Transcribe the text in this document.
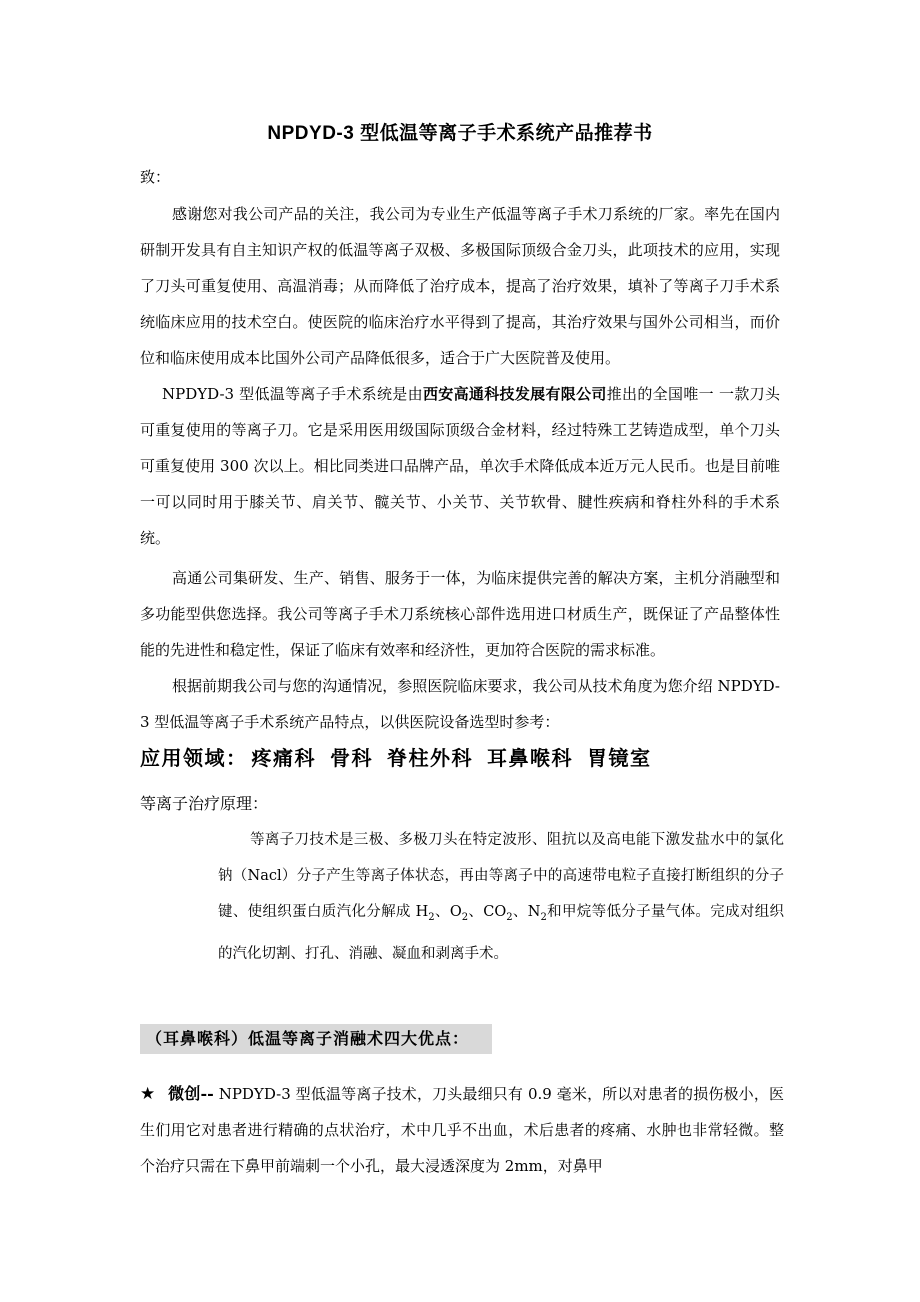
NPDYD-3 型低温等离子手术系统产品推荐书
致：
感谢您对我公司产品的关注，我公司为专业生产低温等离子手术刀系统的厂家。率先在国内研制开发具有自主知识产权的低温等离子双极、多极国际顶级合金刀头，此项技术的应用，实现了刀头可重复使用、高温消毒；从而降低了治疗成本，提高了治疗效果，填补了等离子刀手术系统临床应用的技术空白。使医院的临床治疗水平得到了提高，其治疗效果与国外公司相当，而价位和临床使用成本比国外公司产品降低很多，适合于广大医院普及使用。
NPDYD-3 型低温等离子手术系统是由西安高通科技发展有限公司推出的全国唯一 一款刀头可重复使用的等离子刀。它是采用医用级国际顶级合金材料，经过特殊工艺铸造成型，单个刀头可重复使用 300 次以上。相比同类进口品牌产品，单次手术降低成本近万元人民币。也是目前唯一可以同时用于膝关节、肩关节、髋关节、小关节、关节软骨、腱性疾病和脊柱外科的手术系统。
高通公司集研发、生产、销售、服务于一体，为临床提供完善的解决方案，主机分消融型和多功能型供您选择。我公司等离子手术刀系统核心部件选用进口材质生产，既保证了产品整体性能的先进性和稳定性，保证了临床有效率和经济性，更加符合医院的需求标准。
根据前期我公司与您的沟通情况，参照医院临床要求，我公司从技术角度为您介绍 NPDYD-3 型低温等离子手术系统产品特点，以供医院设备选型时参考：
应用领域： 疼痛科 骨科 脊柱外科 耳鼻喉科 胃镜室
等离子治疗原理：
等离子刀技术是三极、多极刀头在特定波形、阻抗以及高电能下激发盐水中的氯化钠（Nacl）分子产生等离子体状态，再由等离子中的高速带电粒子直接打断组织的分子键、使组织蛋白质汽化分解成 $H_2$、$O_2$、$CO_2$、$N_2$和甲烷等低分子量气体。完成对组织的汽化切割、打孔、消融、凝血和剥离手术。
（耳鼻喉科）低温等离子消融术四大优点：
★ 微创-- NPDYD-3 型低温等离子技术，刀头最细只有 0.9 毫米，所以对患者的损伤极小，医生们用它对患者进行精确的点状治疗，术中几乎不出血，术后患者的疼痛、水肿也非常轻微。整个治疗只需在下鼻甲前端刺一个小孔，最大浸透深度为 2mm，对鼻甲
